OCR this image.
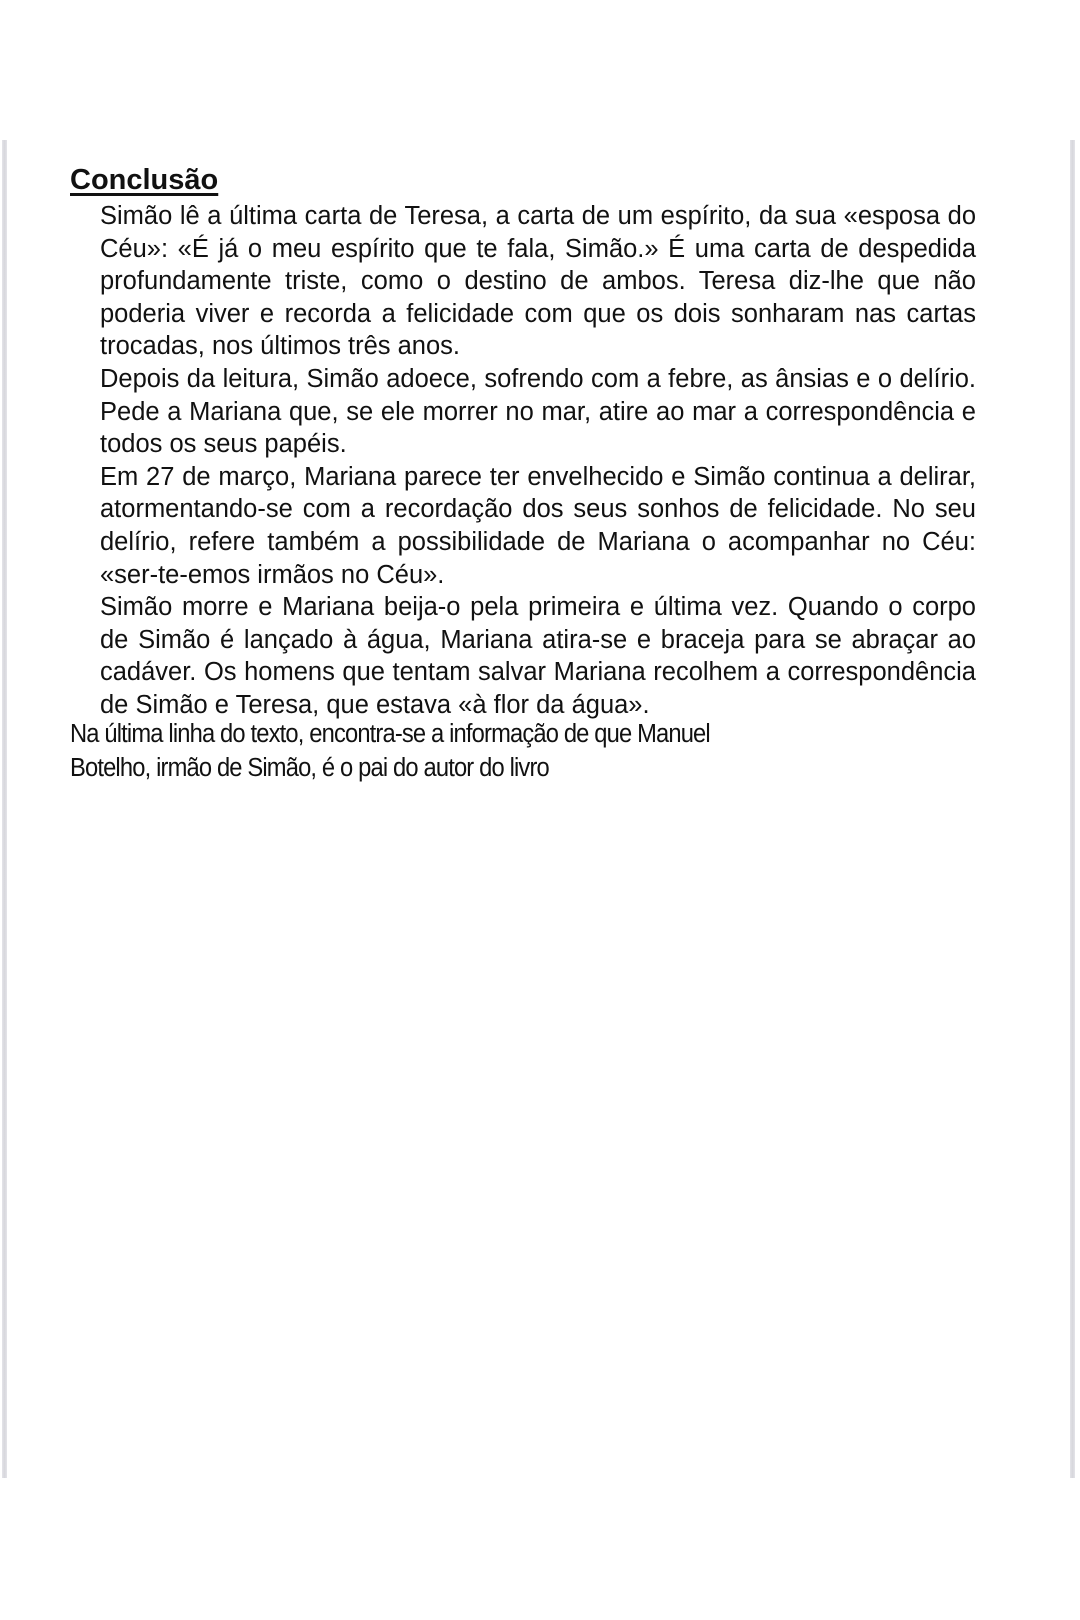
Conclusão

Simão lê a última carta de Teresa, a carta de um espírito, da sua «esposa do Céu»: «É já o meu espírito que te fala, Simão.» É uma carta de despedida profundamente triste, como o destino de ambos. Teresa diz-lhe que não poderia viver e recorda a felicidade com que os dois sonharam nas cartas trocadas, nos últimos três anos.

Depois da leitura, Simão adoece, sofrendo com a febre, as ânsias e o delírio. Pede a Mariana que, se ele morrer no mar, atire ao mar a correspondência e todos os seus papéis.

Em 27 de março, Mariana parece ter envelhecido e Simão continua a delirar, atormentando-se com a recordação dos seus sonhos de felicidade. No seu delírio, refere também a possibilidade de Mariana o acompanhar no Céu: «ser-te-emos irmãos no Céu».

Simão morre e Mariana beija-o pela primeira e última vez. Quando o corpo de Simão é lançado à água, Mariana atira-se e braceja para se abraçar ao cadáver. Os homens que tentam salvar Mariana recolhem a correspondência de Simão e Teresa, que estava «à flor da água».

Na última linha do texto, encontra-se a informação de que Manuel
Botelho, irmão de Simão, é o pai do autor do livro
